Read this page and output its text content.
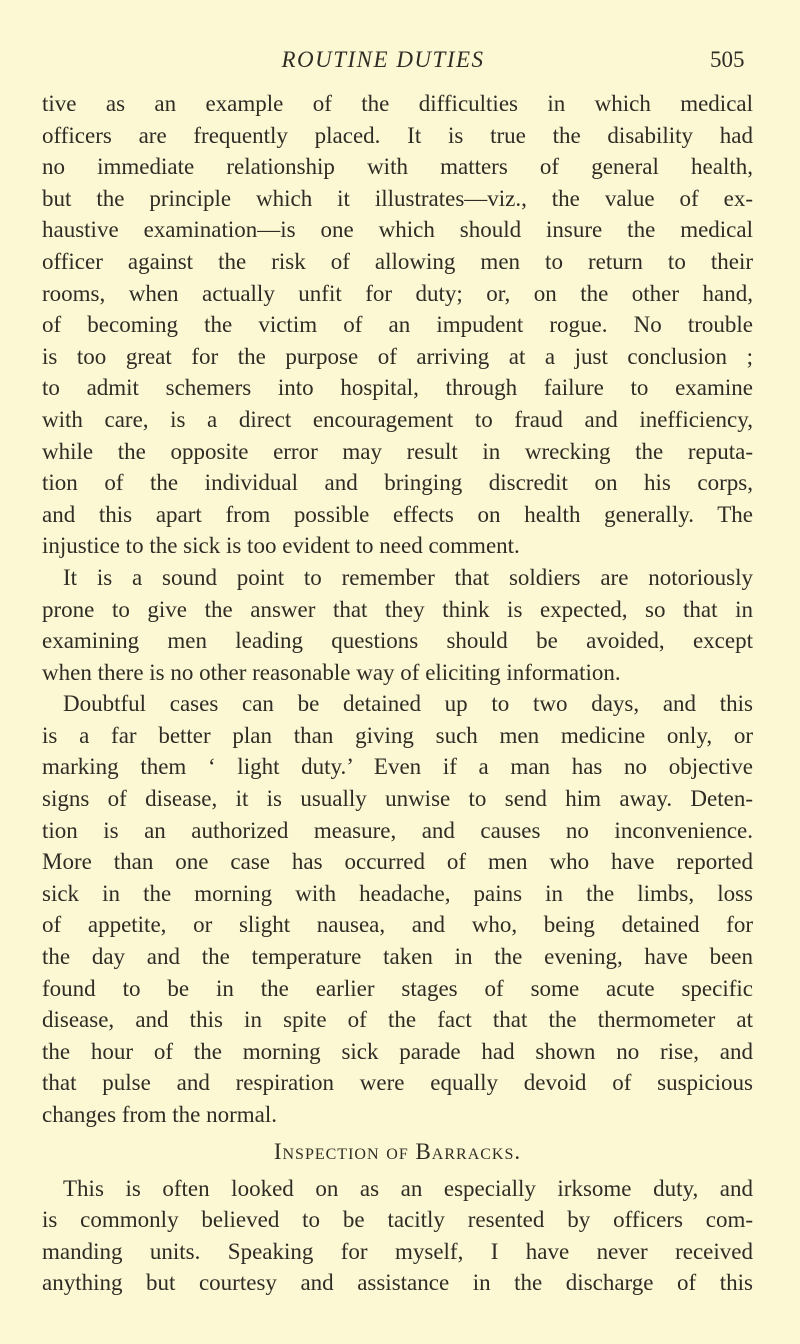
ROUTINE DUTIES	505
tive as an example of the difficulties in which medical
officers are frequently placed. It is true the disability had
no immediate relationship with matters of general health,
but the principle which it illustrates—viz., the value of ex-
haustive examination—is one which should insure the medical
officer against the risk of allowing men to return to their
rooms, when actually unfit for duty; or, on the other hand,
of becoming the victim of an impudent rogue. No trouble
is too great for the purpose of arriving at a just conclusion ;
to admit schemers into hospital, through failure to examine
with care, is a direct encouragement to fraud and inefficiency,
while the opposite error may result in wrecking the reputa-
tion of the individual and bringing discredit on his corps,
and this apart from possible effects on health generally. The
injustice to the sick is too evident to need comment.
It is a sound point to remember that soldiers are notoriously
prone to give the answer that they think is expected, so that in
examining men leading questions should be avoided, except
when there is no other reasonable way of eliciting information.
Doubtful cases can be detained up to two days, and this
is a far better plan than giving such men medicine only, or
marking them ‘ light duty.’ Even if a man has no objective
signs of disease, it is usually unwise to send him away. Deten-
tion is an authorized measure, and causes no inconvenience.
More than one case has occurred of men who have reported
sick in the morning with headache, pains in the limbs, loss
of appetite, or slight nausea, and who, being detained for
the day and the temperature taken in the evening, have been
found to be in the earlier stages of some acute specific
disease, and this in spite of the fact that the thermometer at
the hour of the morning sick parade had shown no rise, and
that pulse and respiration were equally devoid of suspicious
changes from the normal.
Inspection of Barracks.
This is often looked on as an especially irksome duty, and
is commonly believed to be tacitly resented by officers com-
manding units. Speaking for myself, I have never received
anything but courtesy and assistance in the discharge of this
